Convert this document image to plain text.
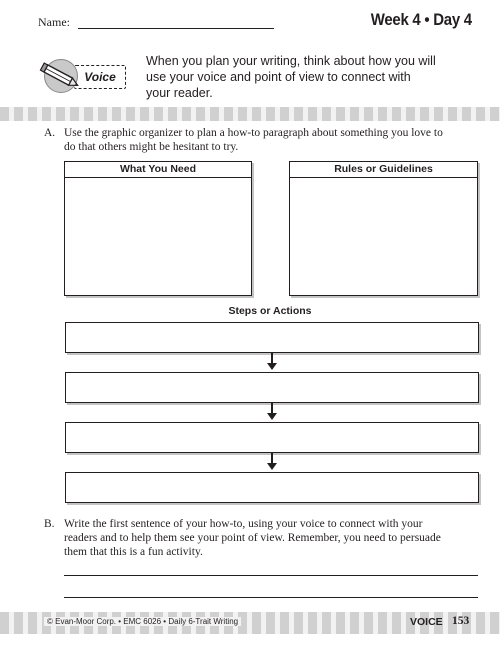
Name:	Week 4 • Day 4
Voice
When you plan your writing, think about how you will use your voice and point of view to connect with your reader.
A. Use the graphic organizer to plan a how-to paragraph about something you love to do that others might be hesitant to try.
What You Need	Rules or Guidelines
Steps or Actions
B. Write the first sentence of your how-to, using your voice to connect with your readers and to help them see your point of view. Remember, you need to persuade them that this is a fun activity.
© Evan-Moor Corp. • EMC 6026 • Daily 6-Trait Writing	VOICE 153
